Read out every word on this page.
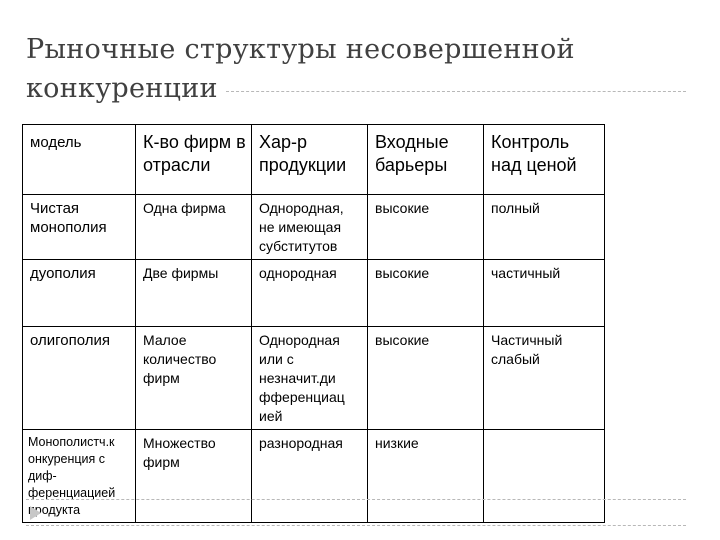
Рыночные структуры несовершенной
конкуренции
модель	К-во фирм в отрасли	Хар-р продукции	Входные барьеры	Контроль над ценой
Чистая монополия	Одна фирма	Однородная, не имеющая субститутов	высокие	полный
дуополия	Две фирмы	однородная	высокие	частичный
олигополия	Малое количество фирм	Однородная или с незначит.ди фференциац ией	высокие	Частичный слабый
Монополистч.к онкуренция с диф-ференциацией продукта	Множество фирм	разнородная	низкие	
